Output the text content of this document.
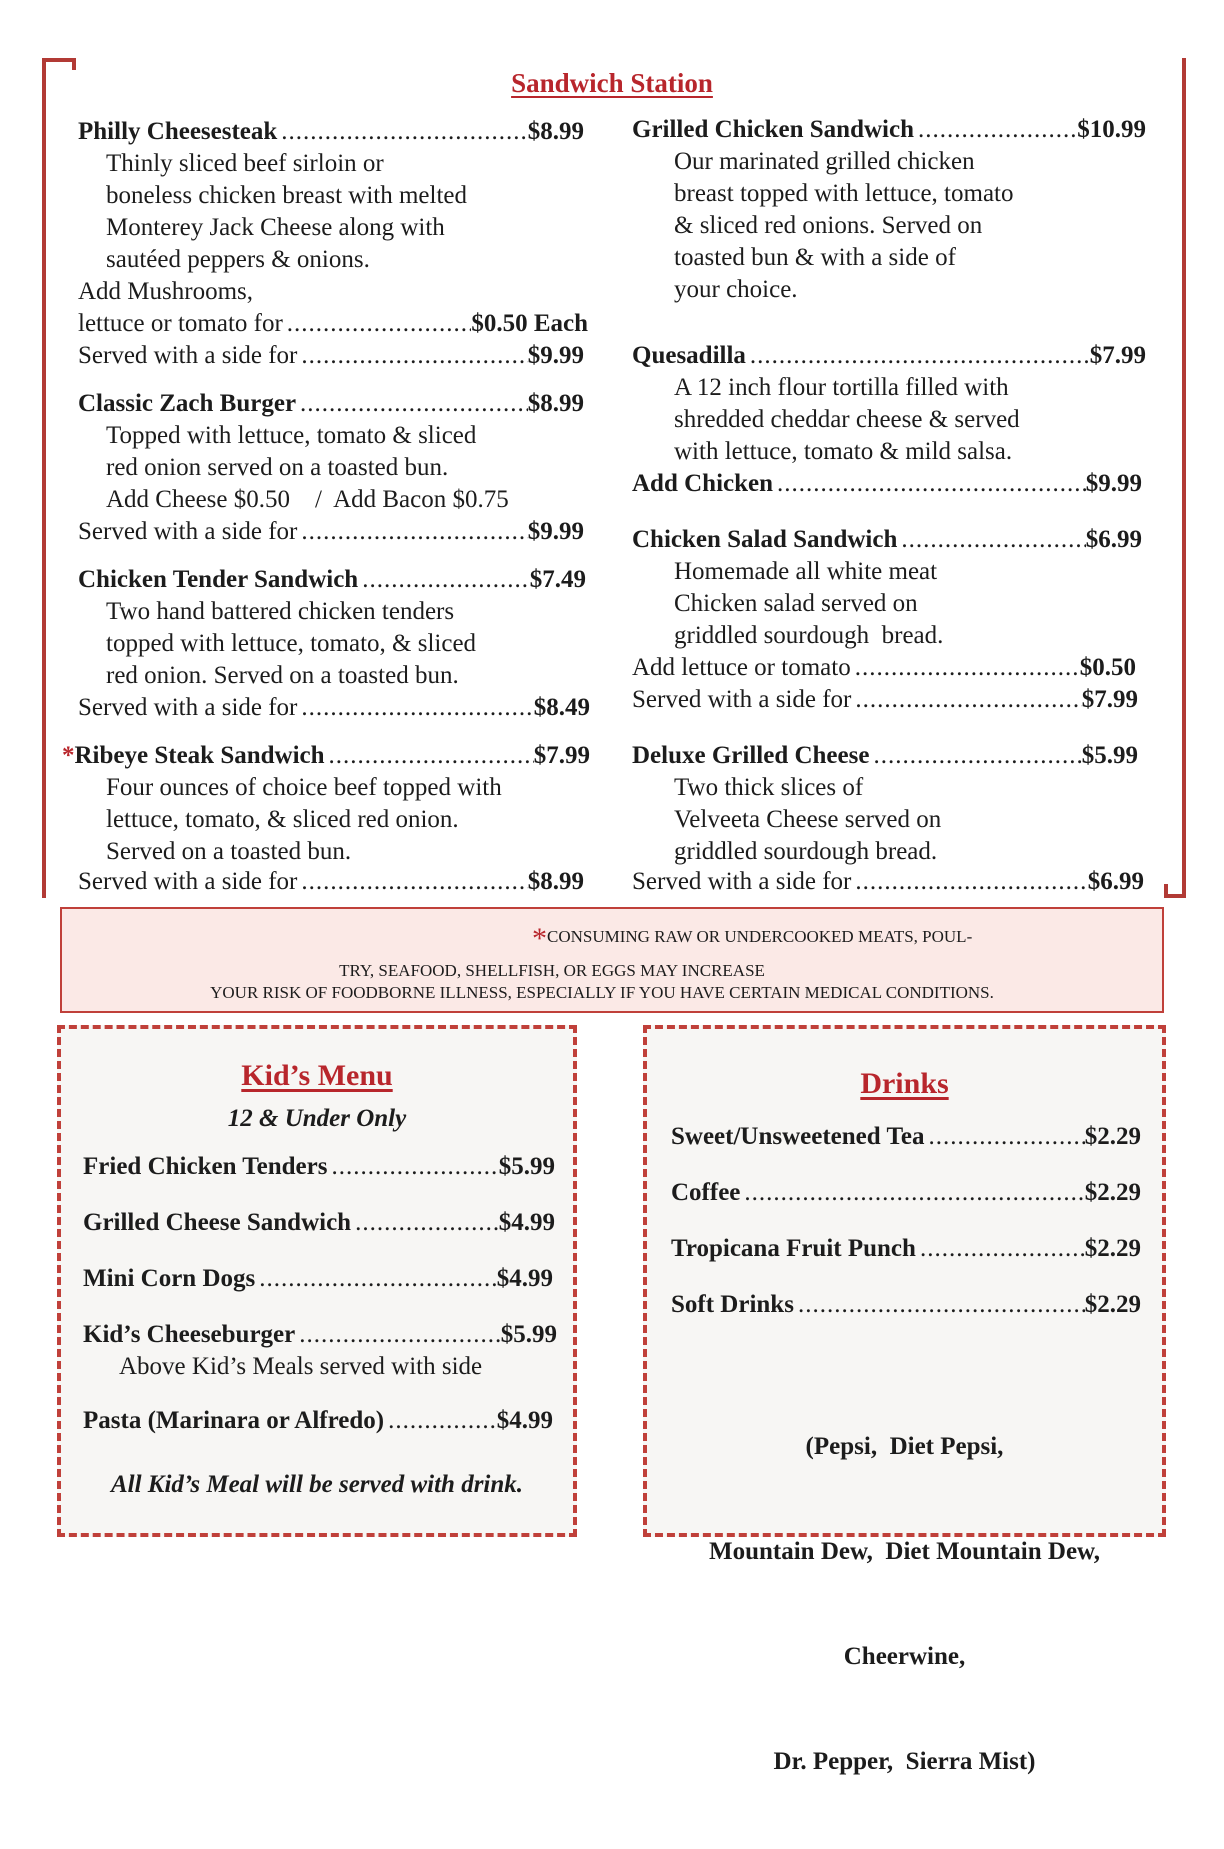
Sandwich Station
Philly Cheesesteak .....	$8.99
Thinly sliced beef sirloin or
boneless chicken breast with melted
Monterey Jack Cheese along with
sautéed peppers & onions.
Add Mushrooms,
lettuce or tomato for .....	$0.50 Each
Served with a side for .....	$9.99
Classic Zach Burger .....	$8.99
Topped with lettuce, tomato & sliced
red onion served on a toasted bun.
Add Cheese $0.50    /  Add Bacon $0.75
Served with a side for .....	$9.99
Chicken Tender Sandwich .....	$7.49
Two hand battered chicken tenders
topped with lettuce, tomato, & sliced
red onion. Served on a toasted bun.
Served with a side for .....	$8.49
* Ribeye Steak Sandwich .....	$7.99
Four ounces of choice beef topped with
lettuce, tomato, & sliced red onion.
Served on a toasted bun.
Served with a side for .....	$8.99
Grilled Chicken Sandwich .....	$10.99
Our marinated grilled chicken
breast topped with lettuce, tomato
& sliced red onions. Served on
toasted bun & with a side of
your choice.
Quesadilla .....	$7.99
A 12 inch flour tortilla filled with
shredded cheddar cheese & served
with lettuce, tomato & mild salsa.
Add Chicken .....	$9.99
Chicken Salad Sandwich .....	$6.99
Homemade all white meat
Chicken salad served on
griddled sourdough  bread.
Add lettuce or tomato .....	$0.50
Served with a side for .....	$7.99
Deluxe Grilled Cheese .....	$5.99
Two thick slices of
Velveeta Cheese served on
griddled sourdough bread.
Served with a side for .....	$6.99
*CONSUMING RAW OR UNDERCOOKED MEATS, POUL-
TRY, SEAFOOD, SHELLFISH, OR EGGS MAY INCREASE
YOUR RISK OF FOODBORNE ILLNESS, ESPECIALLY IF YOU HAVE CERTAIN MEDICAL CONDITIONS.
Kid’s Menu
12 & Under Only
Fried Chicken Tenders .....	$5.99
Grilled Cheese Sandwich .....	$4.99
Mini Corn Dogs .....	$4.99
Kid’s Cheeseburger .....	$5.99
Above Kid’s Meals served with side
Pasta (Marinara or Alfredo) .....	$4.99
All Kid’s Meal will be served with drink.
Drinks
Sweet/Unsweetened Tea .....	$2.29
Coffee .....	$2.29
Tropicana Fruit Punch .....	$2.29
Soft Drinks .....	$2.29

(Pepsi,  Diet Pepsi,

Mountain Dew,  Diet Mountain Dew,

Cheerwine,

Dr. Pepper,  Sierra Mist)
